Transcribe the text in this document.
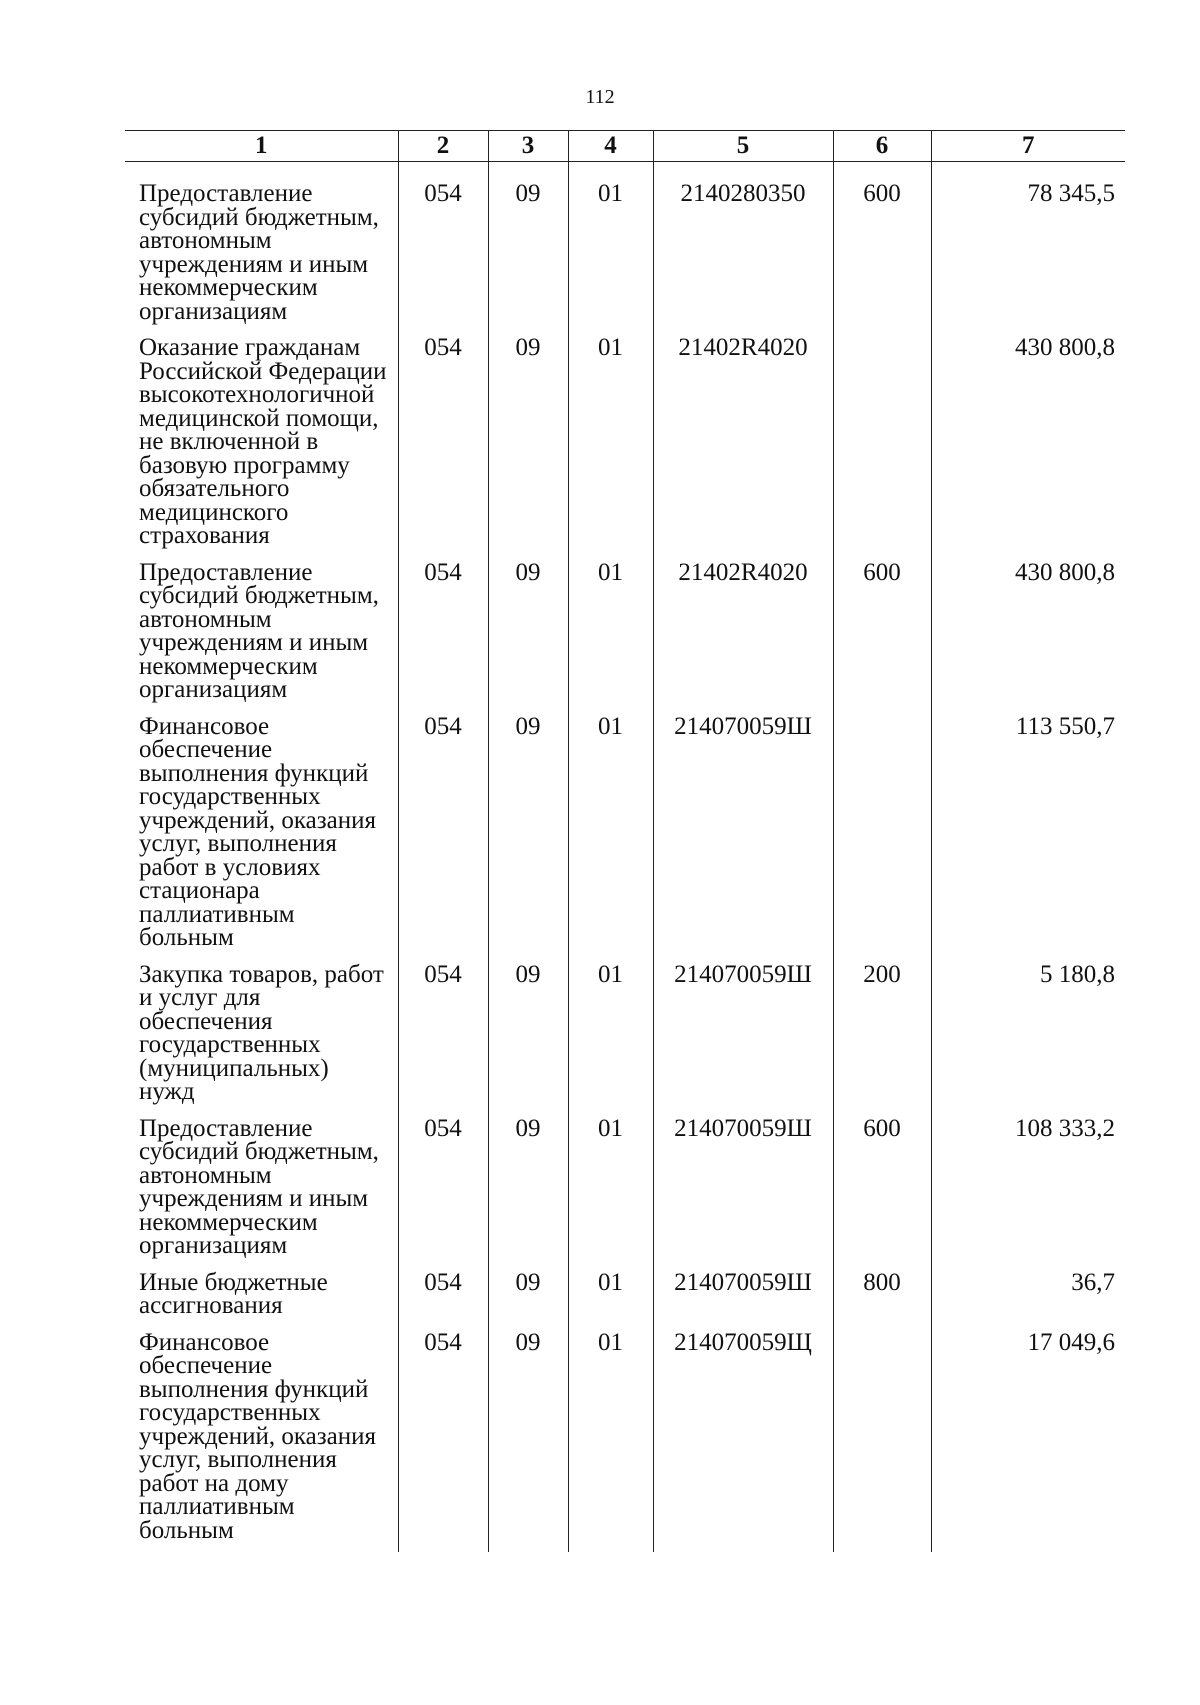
112
1	2	3	4	5	6	7
Предоставление субсидий бюджетным, автономным учреждениям и иным некоммерческим организациям	054	09	01	2140280350	600	78 345,5
Оказание гражданам Российской Федерации высокотехнологичной медицинской помощи, не включенной в базовую программу обязательного медицинского страхования	054	09	01	21402R4020		430 800,8
Предоставление субсидий бюджетным, автономным учреждениям и иным некоммерческим организациям	054	09	01	21402R4020	600	430 800,8
Финансовое обеспечение выполнения функций государственных учреждений, оказания услуг, выполнения работ в условиях стационара паллиативным больным	054	09	01	214070059Ш		113 550,7
Закупка товаров, работ и услуг для обеспечения государственных (муниципальных) нужд	054	09	01	214070059Ш	200	5 180,8
Предоставление субсидий бюджетным, автономным учреждениям и иным некоммерческим организациям	054	09	01	214070059Ш	600	108 333,2
Иные бюджетные ассигнования	054	09	01	214070059Ш	800	36,7
Финансовое обеспечение выполнения функций государственных учреждений, оказания услуг, выполнения работ на дому паллиативным больным	054	09	01	214070059Щ		17 049,6
